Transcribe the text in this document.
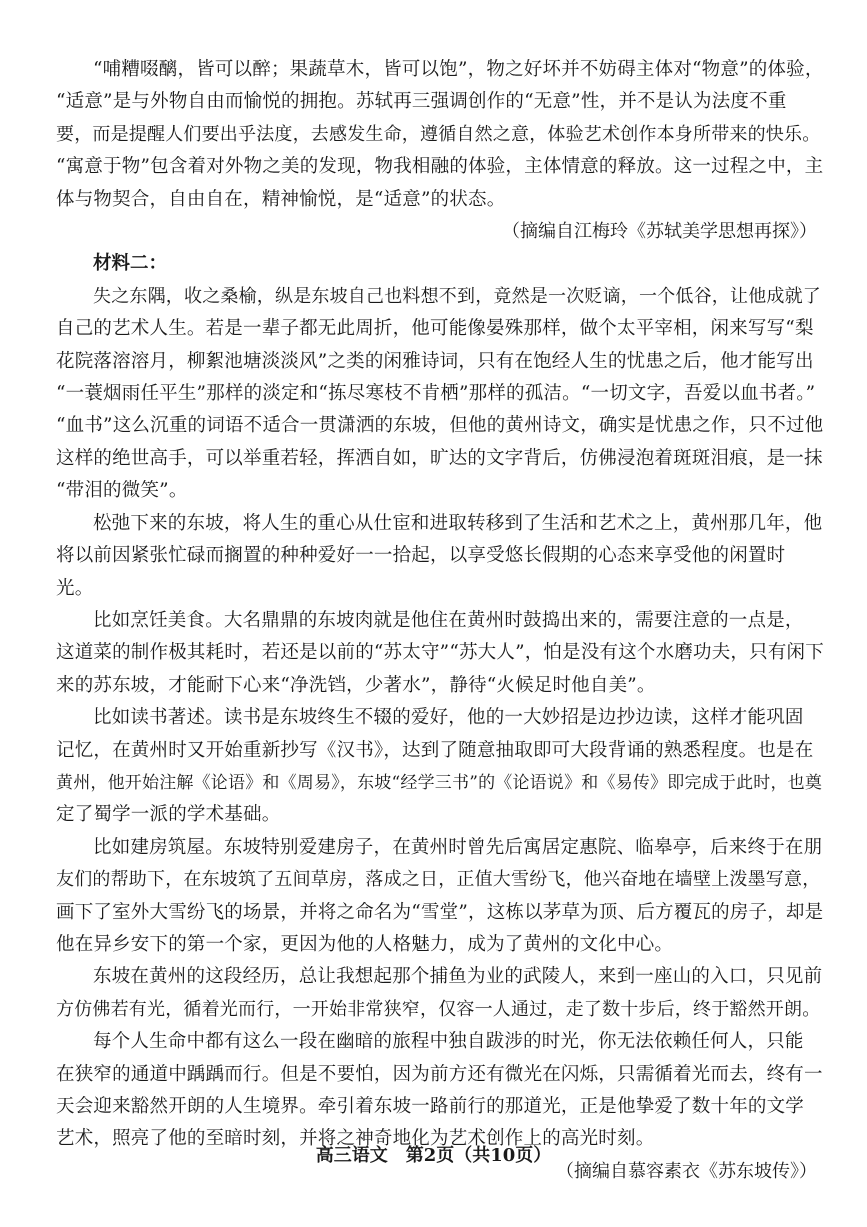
“哺糟啜醨，皆可以醉；果蔬草木，皆可以饱”，物之好坏并不妨碍主体对“物意”的体验，
“适意”是与外物自由而愉悦的拥抱。苏轼再三强调创作的“无意”性，并不是认为法度不重
要，而是提醒人们要出乎法度，去感发生命，遵循自然之意，体验艺术创作本身所带来的快乐。
“寓意于物”包含着对外物之美的发现，物我相融的体验，主体情意的释放。这一过程之中，主
体与物契合，自由自在，精神愉悦，是“适意”的状态。
（摘编自江梅玲《苏轼美学思想再探》）
材料二：
失之东隅，收之桑榆，纵是东坡自己也料想不到，竟然是一次贬谪，一个低谷，让他成就了
自己的艺术人生。若是一辈子都无此周折，他可能像晏殊那样，做个太平宰相，闲来写写“梨
花院落溶溶月，柳絮池塘淡淡风”之类的闲雅诗词，只有在饱经人生的忧患之后，他才能写出
“一蓑烟雨任平生”那样的淡定和“拣尽寒枝不肯栖”那样的孤洁。“一切文字，吾爱以血书者。”
“血书”这么沉重的词语不适合一贯潇洒的东坡，但他的黄州诗文，确实是忧患之作，只不过他
这样的绝世高手，可以举重若轻，挥洒自如，旷达的文字背后，仿佛浸泡着斑斑泪痕，是一抹
“带泪的微笑”。
松弛下来的东坡，将人生的重心从仕宦和进取转移到了生活和艺术之上，黄州那几年，他
将以前因紧张忙碌而搁置的种种爱好一一拾起，以享受悠长假期的心态来享受他的闲置时
光。
比如烹饪美食。大名鼎鼎的东坡肉就是他住在黄州时鼓捣出来的，需要注意的一点是，
这道菜的制作极其耗时，若还是以前的“苏太守”“苏大人”，怕是没有这个水磨功夫，只有闲下
来的苏东坡，才能耐下心来“净洗铛，少著水”，静待“火候足时他自美”。
比如读书著述。读书是东坡终生不辍的爱好，他的一大妙招是边抄边读，这样才能巩固
记忆，在黄州时又开始重新抄写《汉书》，达到了随意抽取即可大段背诵的熟悉程度。也是在
黄州，他开始注解《论语》和《周易》，东坡“经学三书”的《论语说》和《易传》即完成于此时，也奠
定了蜀学一派的学术基础。
比如建房筑屋。东坡特别爱建房子，在黄州时曾先后寓居定惠院、临皋亭，后来终于在朋
友们的帮助下，在东坡筑了五间草房，落成之日，正值大雪纷飞，他兴奋地在墙壁上泼墨写意，
画下了室外大雪纷飞的场景，并将之命名为“雪堂”，这栋以茅草为顶、后方覆瓦的房子，却是
他在异乡安下的第一个家，更因为他的人格魅力，成为了黄州的文化中心。
东坡在黄州的这段经历，总让我想起那个捕鱼为业的武陵人，来到一座山的入口，只见前
方仿佛若有光，循着光而行，一开始非常狭窄，仅容一人通过，走了数十步后，终于豁然开朗。
每个人生命中都有这么一段在幽暗的旅程中独自跋涉的时光，你无法依赖任何人，只能
在狭窄的通道中踽踽而行。但是不要怕，因为前方还有微光在闪烁，只需循着光而去，终有一
天会迎来豁然开朗的人生境界。牵引着东坡一路前行的那道光，正是他挚爱了数十年的文学
艺术，照亮了他的至暗时刻，并将之神奇地化为艺术创作上的高光时刻。
（摘编自慕容素衣《苏东坡传》）
高三语文　第2页（共10页）
